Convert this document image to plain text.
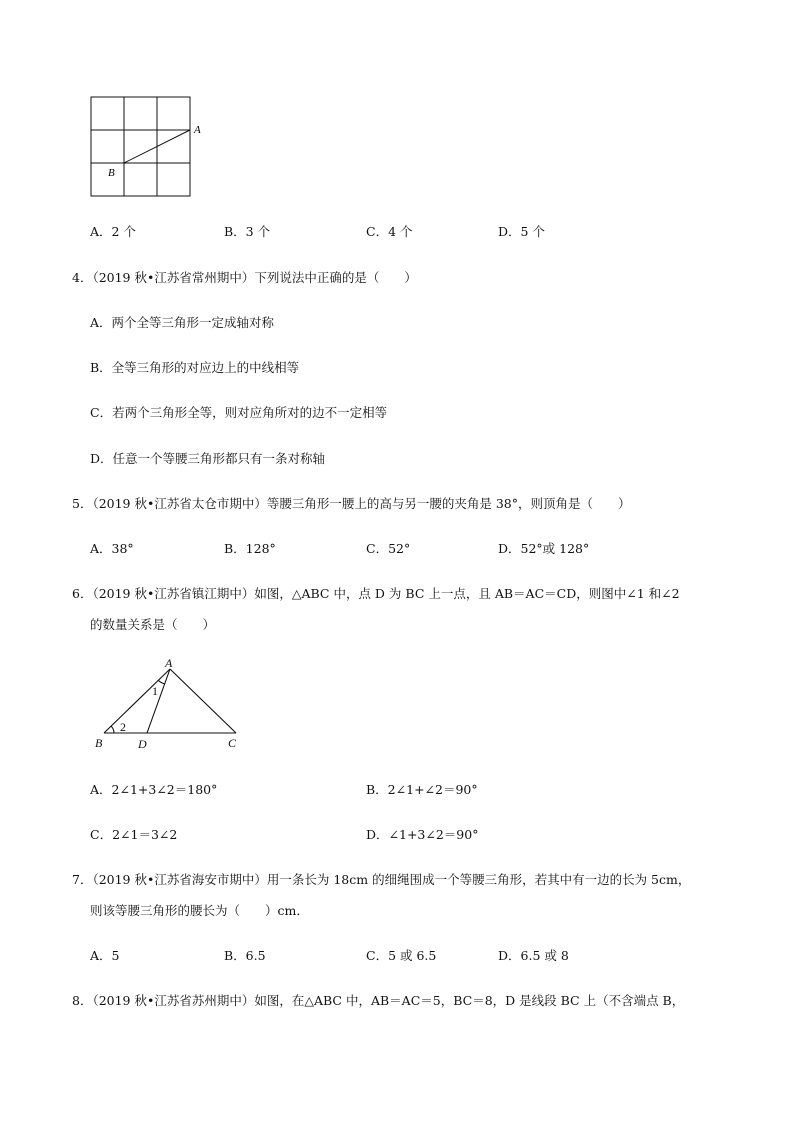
A
B
A．2 个	B．3 个	C．4 个	D．5 个
4．（2019 秋•江苏省常州期中）下列说法中正确的是（　　）
A．两个全等三角形一定成轴对称
B．全等三角形的对应边上的中线相等
C．若两个三角形全等，则对应角所对的边不一定相等
D．任意一个等腰三角形都只有一条对称轴
5．（2019 秋•江苏省太仓市期中）等腰三角形一腰上的高与另一腰的夹角是 38°，则顶角是（　　）
A．38°	B．128°	C．52°	D．52°或 128°
6．（2019 秋•江苏省镇江期中）如图，△ABC 中，点 D 为 BC 上一点，且 AB＝AC＝CD，则图中∠1 和∠2
的数量关系是（　　）
A
B	D	C
1
2
A．2∠1+3∠2＝180°	B．2∠1+∠2＝90°
C．2∠1＝3∠2	D．∠1+3∠2＝90°
7．（2019 秋•江苏省海安市期中）用一条长为 18cm 的细绳围成一个等腰三角形，若其中有一边的长为 5cm，
则该等腰三角形的腰长为（　　）cm．
A．5	B．6.5	C．5 或 6.5	D．6.5 或 8
8．（2019 秋•江苏省苏州期中）如图，在△ABC 中，AB＝AC＝5，BC＝8，D 是线段 BC 上（不含端点 B，
